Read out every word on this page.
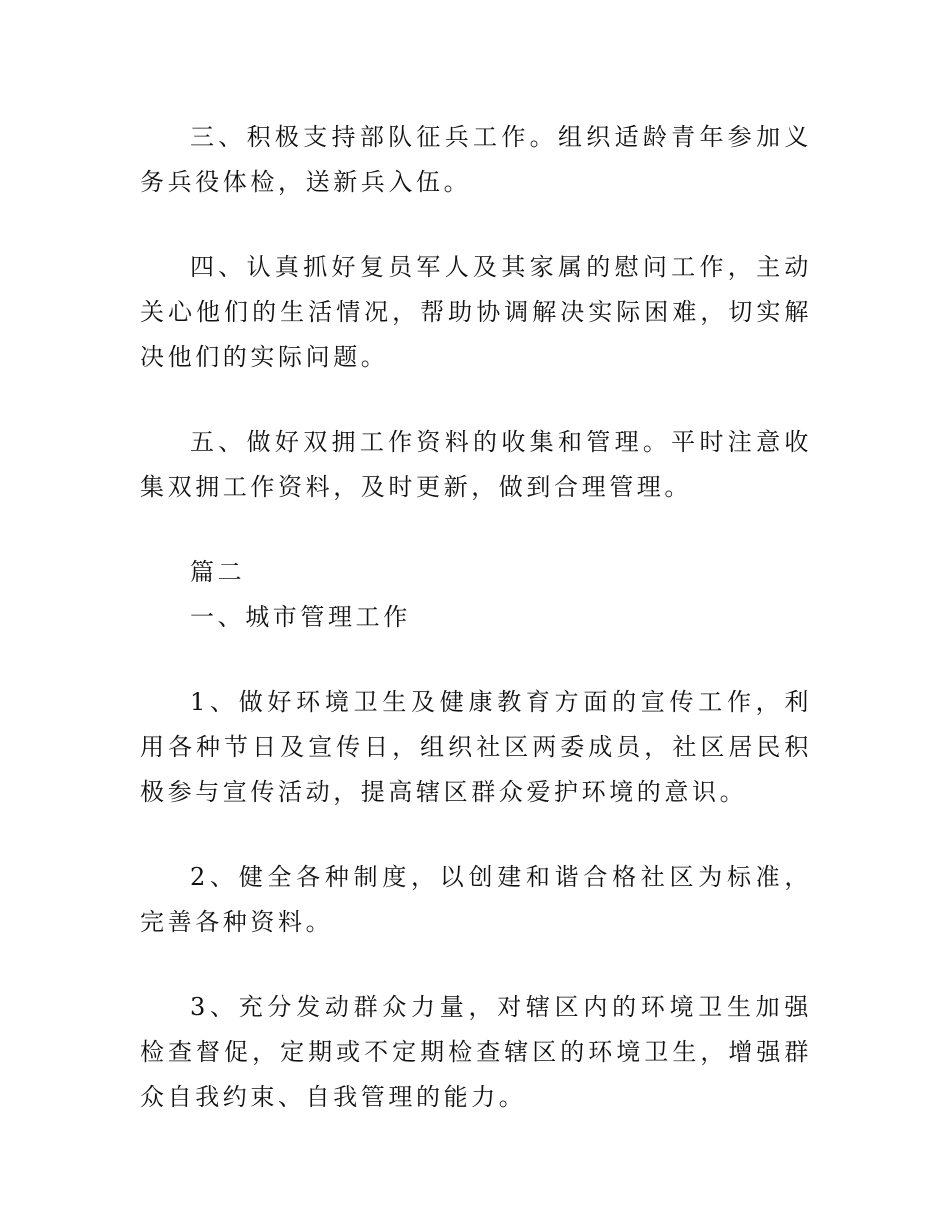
三、积极支持部队征兵工作。组织适龄青年参加义务兵役体检，送新兵入伍。

四、认真抓好复员军人及其家属的慰问工作，主动关心他们的生活情况，帮助协调解决实际困难，切实解决他们的实际问题。

五、做好双拥工作资料的收集和管理。平时注意收集双拥工作资料，及时更新，做到合理管理。

篇二
一、城市管理工作

1、做好环境卫生及健康教育方面的宣传工作，利用各种节日及宣传日，组织社区两委成员，社区居民积极参与宣传活动，提高辖区群众爱护环境的意识。

2、健全各种制度，以创建和谐合格社区为标准，完善各种资料。

3、充分发动群众力量，对辖区内的环境卫生加强检查督促，定期或不定期检查辖区的环境卫生，增强群众自我约束、自我管理的能力。
